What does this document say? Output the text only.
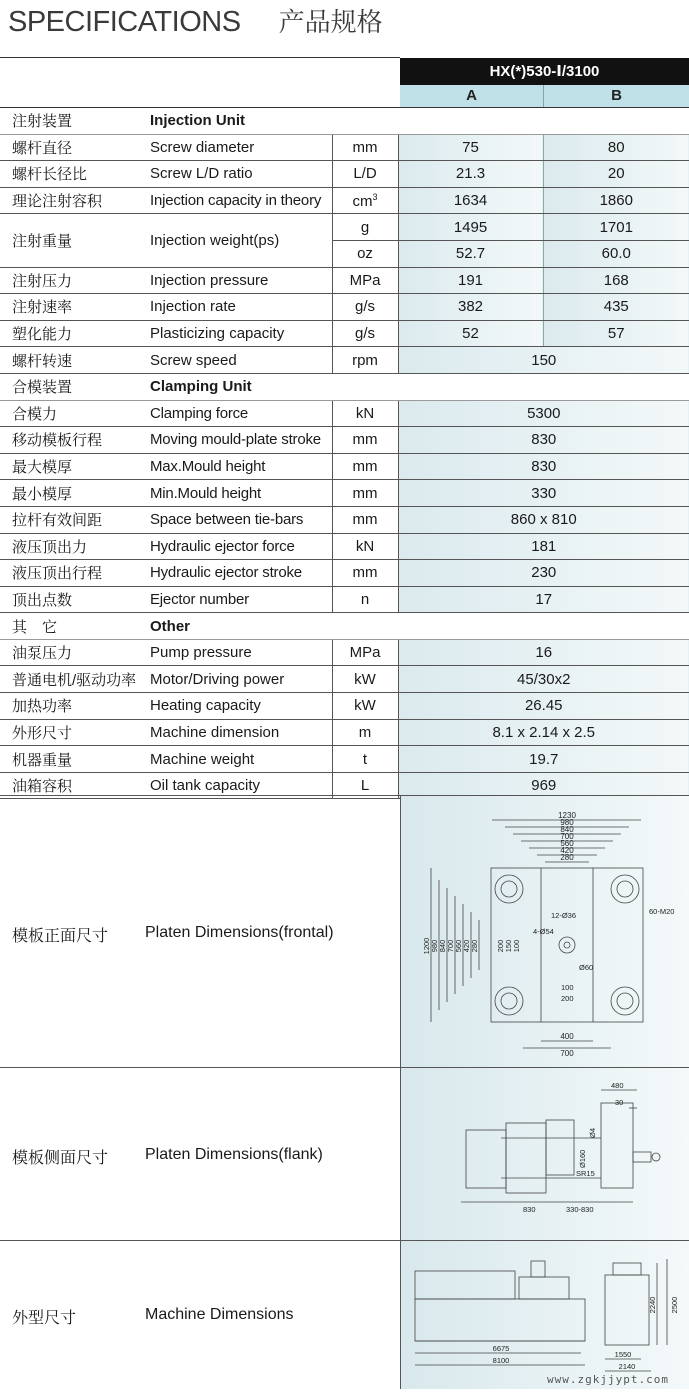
SPECIFICATIONS 产品规格
HX(*)530-Ⅰ/3100
A	B
注射装置	Injection Unit			
螺杆直径	Screw diameter	mm	75	80
螺杆长径比	Screw L/D ratio	L/D	21.3	20
理论注射容积	Injection capacity in theory	$cm^3$	1634	1860
注射重量	Injection weight(ps)	g	1495	1701
		oz	52.7	60.0
注射压力	Injection pressure	MPa	191	168
注射速率	Injection rate	g/s	382	435
塑化能力	Plasticizing capacity	g/s	52	57
螺杆转速	Screw speed	rpm	150	
合模装置	Clamping Unit			
合模力	Clamping force	kN	5300	
移动模板行程	Moving mould-plate stroke	mm	830	
最大模厚	Max.Mould height	mm	830	
最小模厚	Min.Mould height	mm	330	
拉杆有效间距	Space between tie-bars	mm	860 x 810	
液压顶出力	Hydraulic ejector force	kN	181	
液压顶出行程	Hydraulic ejector stroke	mm	230	
顶出点数	Ejector number	n	17	
其　它	Other			
油泵压力	Pump pressure	MPa	16	
普通电机/驱动功率	Motor/Driving power	kW	45/30x2	
加热功率	Heating capacity	kW	26.45	
外形尺寸	Machine dimension	m	8.1 x 2.14 x 2.5	
机器重量	Machine weight	t	19.7	
油箱容积	Oil tank capacity	L	969	
模板正面尺寸 Platen Dimensions(frontal)
1230
980
840
700
560
420
280
400
700
1200 980 840 700 560 420 280 200 150 100
12-Ø36
4-Ø54
60-M20
Ø60
100
200
模板侧面尺寸 Platen Dimensions(flank)
480
30
Ø4
Ø160
SR15
830	330-830
外型尺寸	Machine Dimensions
6675
8100
1550
2140
2240 2500
www.zgkjjypt.com
